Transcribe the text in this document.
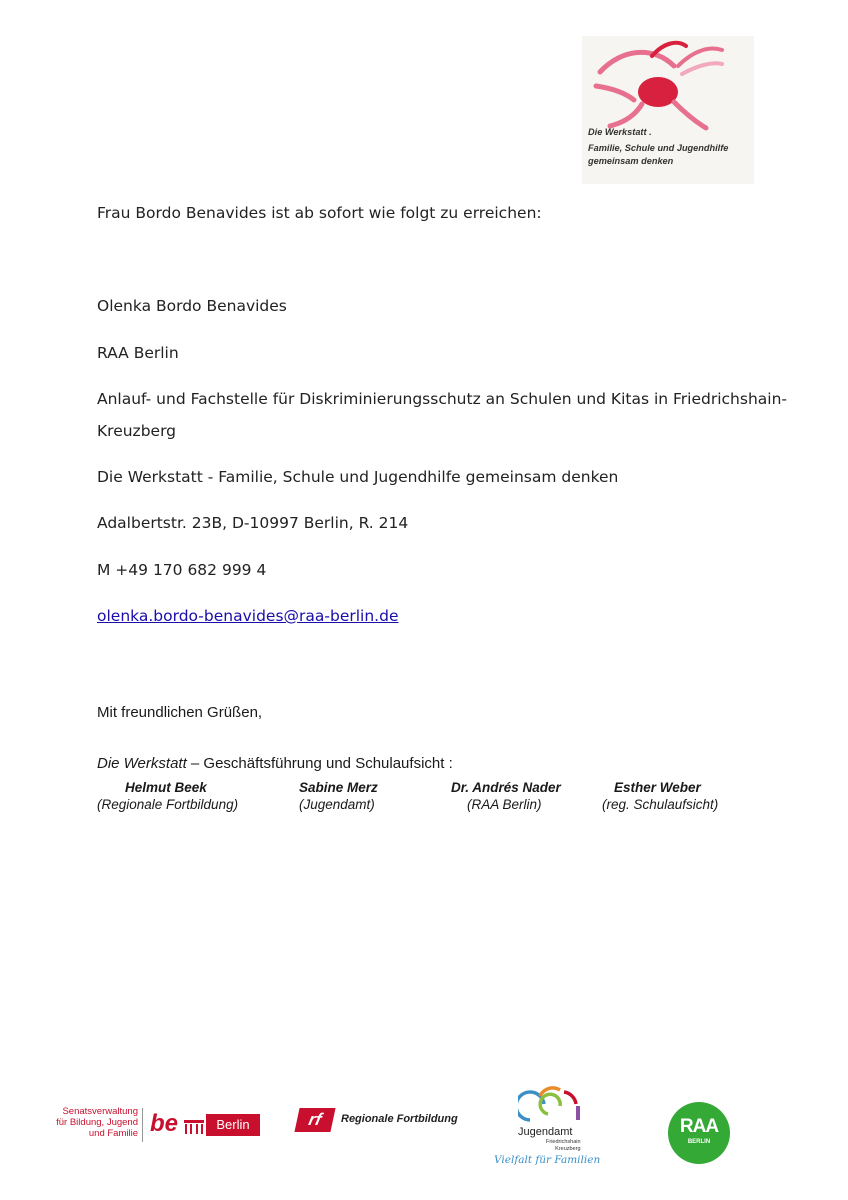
Die Werkstatt .
Familie, Schule und Jugendhilfe
gemeinsam denken
Frau Bordo Benavides ist ab sofort wie folgt zu erreichen:
Olenka Bordo Benavides
RAA Berlin
Anlauf- und Fachstelle für Diskriminierungsschutz an Schulen und Kitas in Friedrichshain-
Kreuzberg
Die Werkstatt - Familie, Schule und Jugendhilfe gemeinsam denken
Adalbertstr. 23B, D-10997 Berlin, R. 214
M +49 170 682 999 4
olenka.bordo-benavides@raa-berlin.de
Mit freundlichen Grüßen,
Die Werkstatt – Geschäftsführung und Schulaufsicht :
Helmut Beek
(Regionale Fortbildung)
Sabine Merz
(Jugendamt)
Dr. Andrés Nader
(RAA Berlin)
Esther Weber
(reg. Schulaufsicht)
Senatsverwaltung
für Bildung, Jugend
und Familie be	Berlin	rf	Regionale Fortbildung
Jugendamt
Friedrichshain
Kreuzberg
Vielfalt für Familien
RAA
BERLIN
